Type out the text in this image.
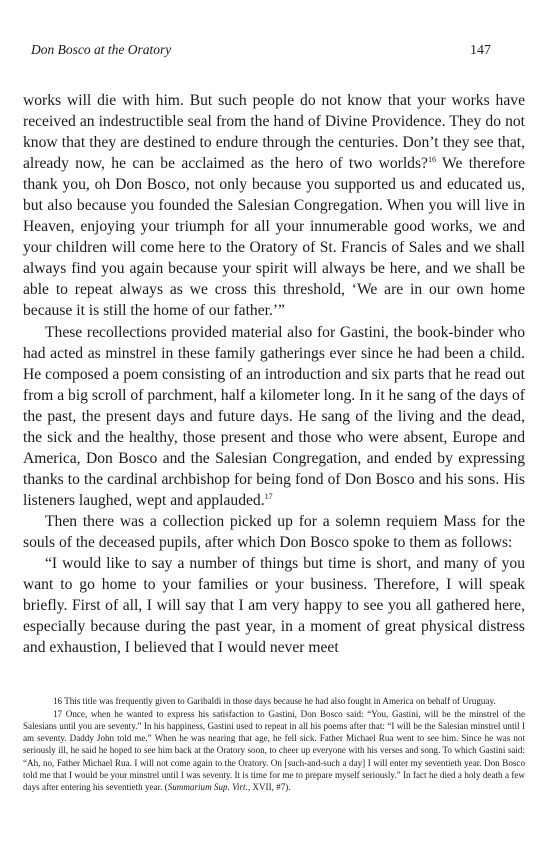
Don Bosco at the Oratory	147

works will die with him. But such people do not know that your works have received an indestructible seal from the hand of Divine Providence. They do not know that they are destined to endure through the centuries. Don’t they see that, already now, he can be acclaimed as the hero of two worlds?$^{16}$ We therefore thank you, oh Don Bosco, not only because you supported us and educated us, but also because you founded the Salesian Congregation. When you will live in Heaven, enjoying your triumph for all your innumerable good works, we and your children will come here to the Oratory of St. Francis of Sales and we shall always find you again because your spirit will always be here, and we shall be able to repeat always as we cross this threshold, ‘We are in our own home because it is still the home of our father.’”

These recollections provided material also for Gastini, the book-binder who had acted as minstrel in these family gatherings ever since he had been a child. He composed a poem consisting of an introduction and six parts that he read out from a big scroll of parchment, half a kilometer long. In it he sang of the days of the past, the present days and future days. He sang of the living and the dead, the sick and the healthy, those present and those who were absent, Europe and America, Don Bosco and the Salesian Congregation, and ended by expressing thanks to the cardinal archbishop for being fond of Don Bosco and his sons. His listeners laughed, wept and applauded.$^{17}$

Then there was a collection picked up for a solemn requiem Mass for the souls of the deceased pupils, after which Don Bosco spoke to them as follows:

“I would like to say a number of things but time is short, and many of you want to go home to your families or your business. Therefore, I will speak briefly. First of all, I will say that I am very happy to see you all gathered here, especially because during the past year, in a moment of great physical distress and exhaustion, I believed that I would never meet

16 This title was frequently given to Garibaldi in those days because he had also fought in America on behalf of Uruguay.

17 Once, when he wanted to express his satisfaction to Gastini, Don Bosco said: “You, Gastini, will be the minstrel of the Salesians until you are seventy.” In his happiness, Gastini used to repeat in all his poems after that: “I will be the Salesian minstrel until I am seventy. Daddy John told me.” When he was nearing that age, he fell sick. Father Michael Rua went to see him. Since he was not seriously ill, he said he hoped to see him back at the Oratory soon, to cheer up everyone with his verses and song. To which Gastini said: “Ah, no, Father Michael Rua. I will not come again to the Oratory. On [such-and-such a day] I will enter my seventieth year. Don Bosco told me that I would be your minstrel until I was seventy. It is time for me to prepare myself seriously.” In fact he died a holy death a few days after entering his seventieth year. (Summarium Sup. Virt., XVII, #7).
